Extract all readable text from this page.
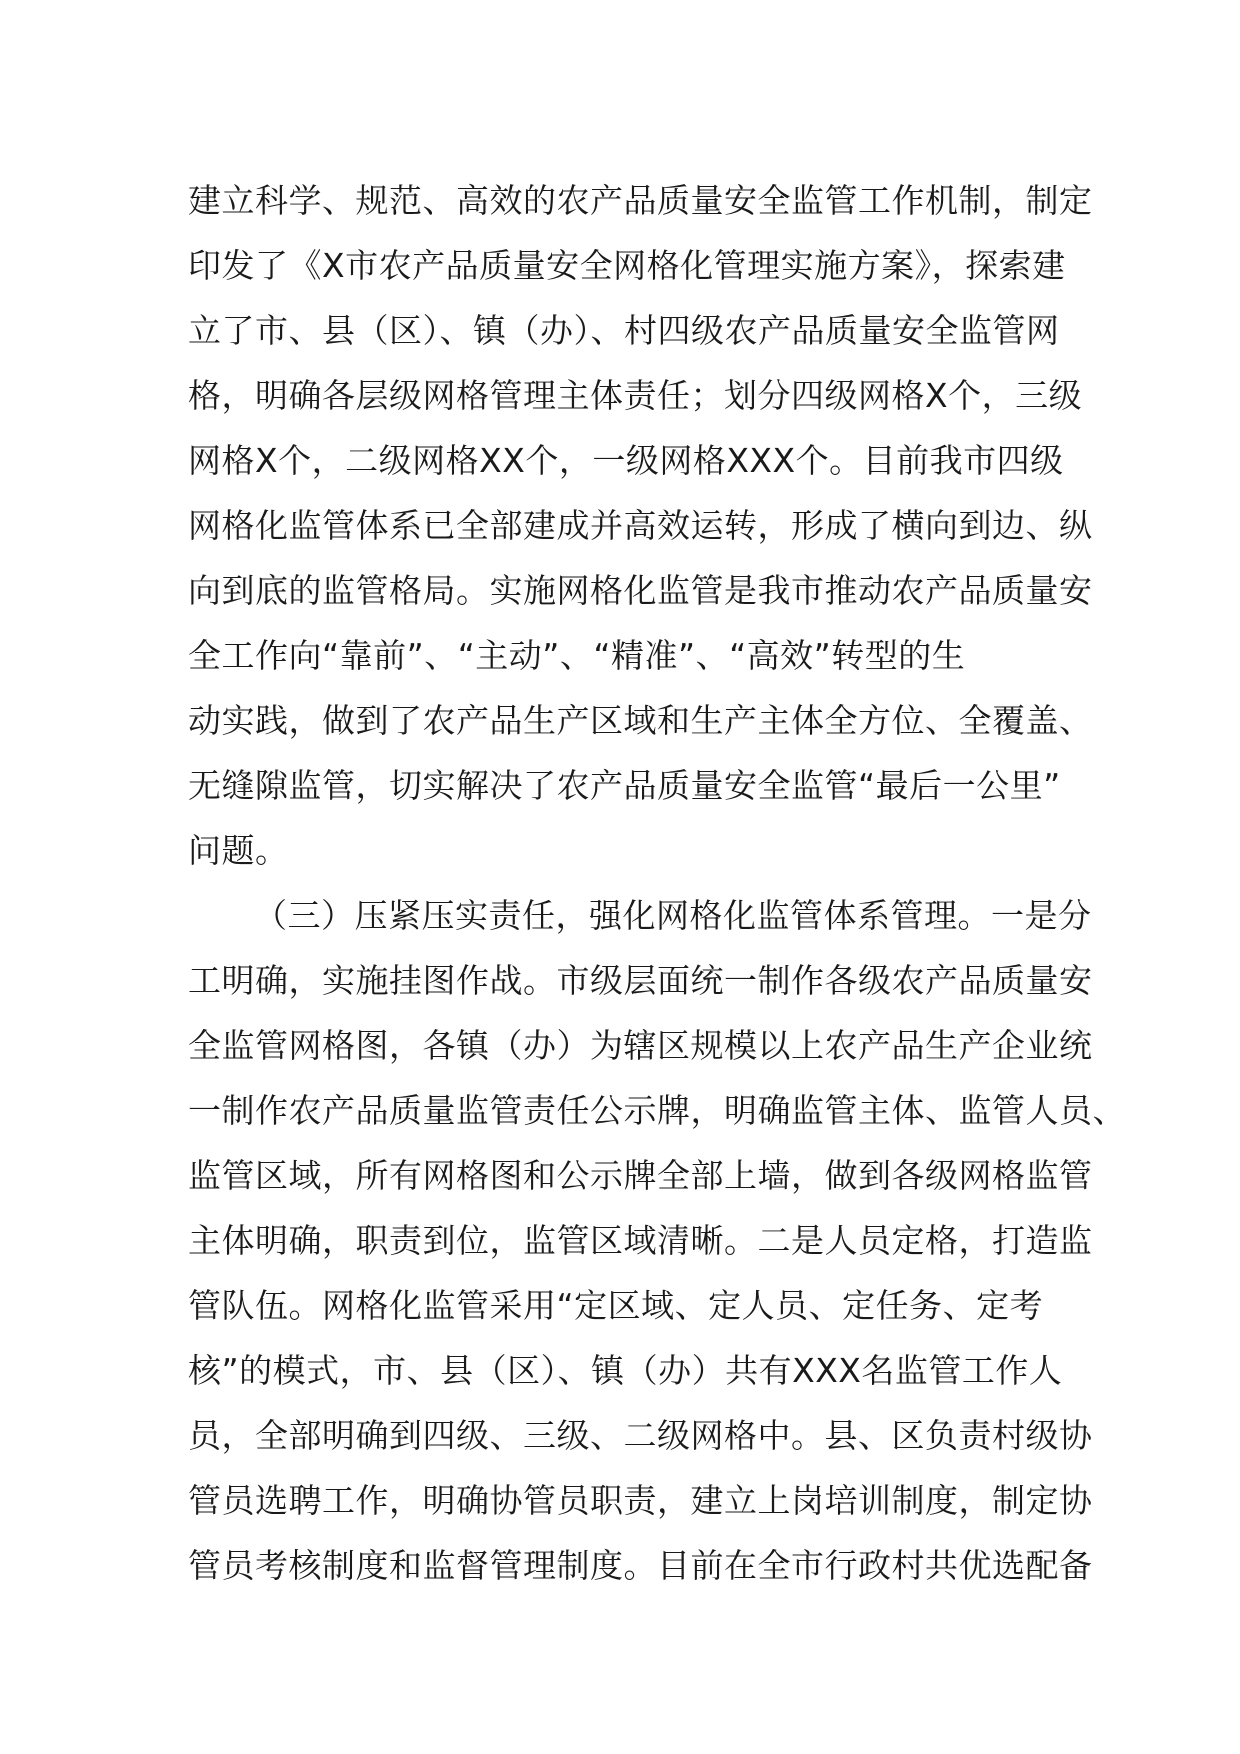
建立科学、规范、高效的农产品质量安全监管工作机制，制定
印发了《X市农产品质量安全网格化管理实施方案》，探索建
立了市、县（区）、镇（办）、村四级农产品质量安全监管网
格，明确各层级网格管理主体责任；划分四级网格X个，三级
网格X个，二级网格XX个，一级网格XXX个。目前我市四级
网格化监管体系已全部建成并高效运转，形成了横向到边、纵
向到底的监管格局。实施网格化监管是我市推动农产品质量安
全工作向“靠前”、“主动”、“精准”、“高效”转型的生
动实践，做到了农产品生产区域和生产主体全方位、全覆盖、
无缝隙监管，切实解决了农产品质量安全监管“最后一公里”
问题。
（三）压紧压实责任，强化网格化监管体系管理。一是分
工明确，实施挂图作战。市级层面统一制作各级农产品质量安
全监管网格图，各镇（办）为辖区规模以上农产品生产企业统
一制作农产品质量监管责任公示牌，明确监管主体、监管人员、
监管区域，所有网格图和公示牌全部上墙，做到各级网格监管
主体明确，职责到位，监管区域清晰。二是人员定格，打造监
管队伍。网格化监管采用“定区域、定人员、定任务、定考
核”的模式，市、县（区）、镇（办）共有XXX名监管工作人
员，全部明确到四级、三级、二级网格中。县、区负责村级协
管员选聘工作，明确协管员职责，建立上岗培训制度，制定协
管员考核制度和监督管理制度。目前在全市行政村共优选配备
